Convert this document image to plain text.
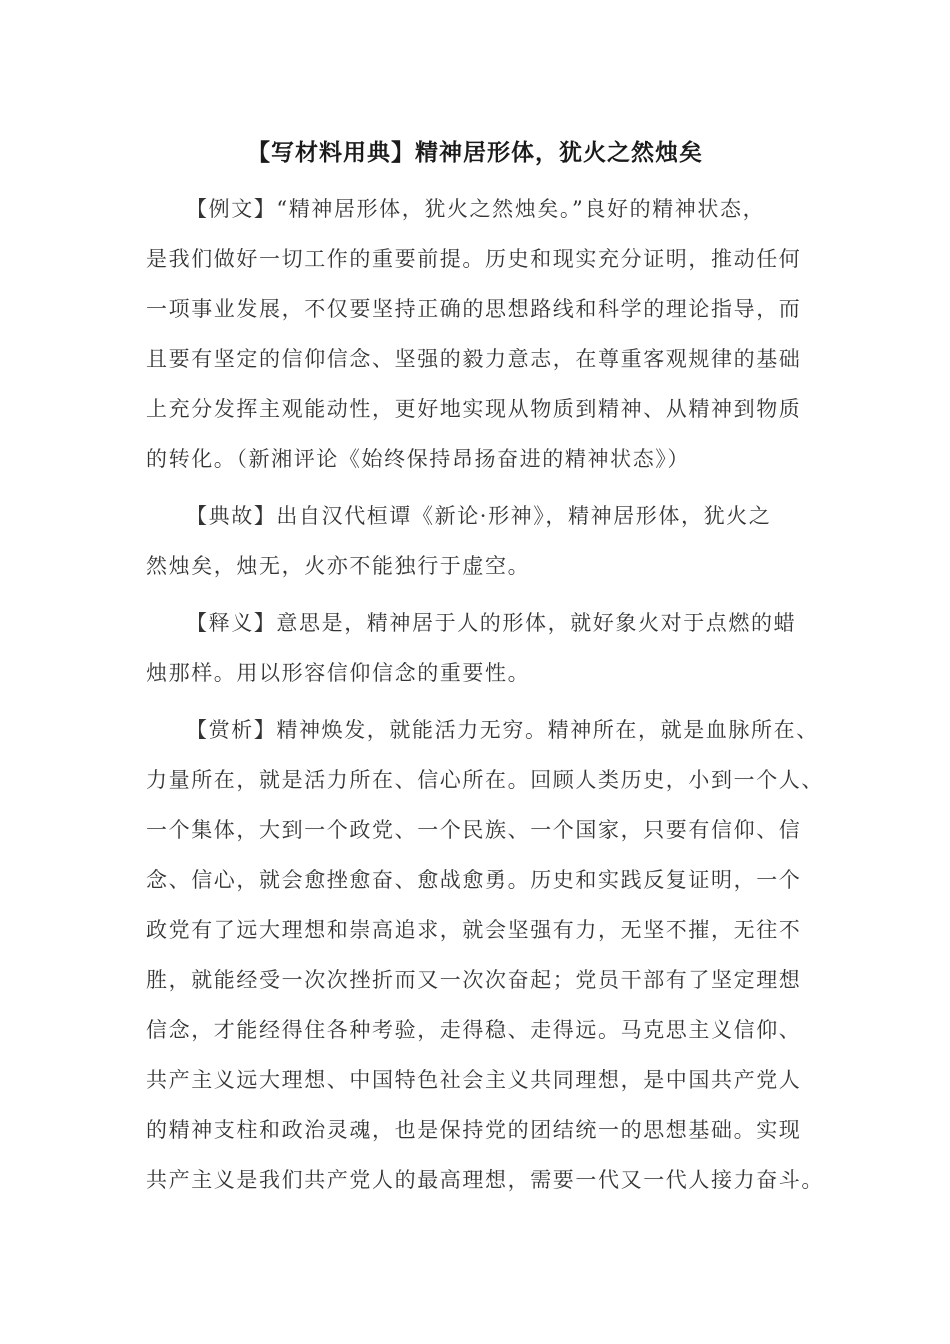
【写材料用典】精神居形体，犹火之然烛矣
【例文】“精神居形体，犹火之然烛矣。”良好的精神状态，
是我们做好一切工作的重要前提。历史和现实充分证明，推动任何
一项事业发展，不仅要坚持正确的思想路线和科学的理论指导，而
且要有坚定的信仰信念、坚强的毅力意志，在尊重客观规律的基础
上充分发挥主观能动性，更好地实现从物质到精神、从精神到物质
的转化。（新湘评论《始终保持昂扬奋进的精神状态》）
【典故】出自汉代桓谭《新论·形神》，精神居形体，犹火之
然烛矣，烛无，火亦不能独行于虚空。
【释义】意思是，精神居于人的形体，就好象火对于点燃的蜡
烛那样。用以形容信仰信念的重要性。
【赏析】精神焕发，就能活力无穷。精神所在，就是血脉所在、
力量所在，就是活力所在、信心所在。回顾人类历史，小到一个人、
一个集体，大到一个政党、一个民族、一个国家，只要有信仰、信
念、信心，就会愈挫愈奋、愈战愈勇。历史和实践反复证明，一个
政党有了远大理想和崇高追求，就会坚强有力，无坚不摧，无往不
胜，就能经受一次次挫折而又一次次奋起；党员干部有了坚定理想
信念，才能经得住各种考验，走得稳、走得远。马克思主义信仰、
共产主义远大理想、中国特色社会主义共同理想，是中国共产党人
的精神支柱和政治灵魂，也是保持党的团结统一的思想基础。实现
共产主义是我们共产党人的最高理想，需要一代又一代人接力奋斗。
